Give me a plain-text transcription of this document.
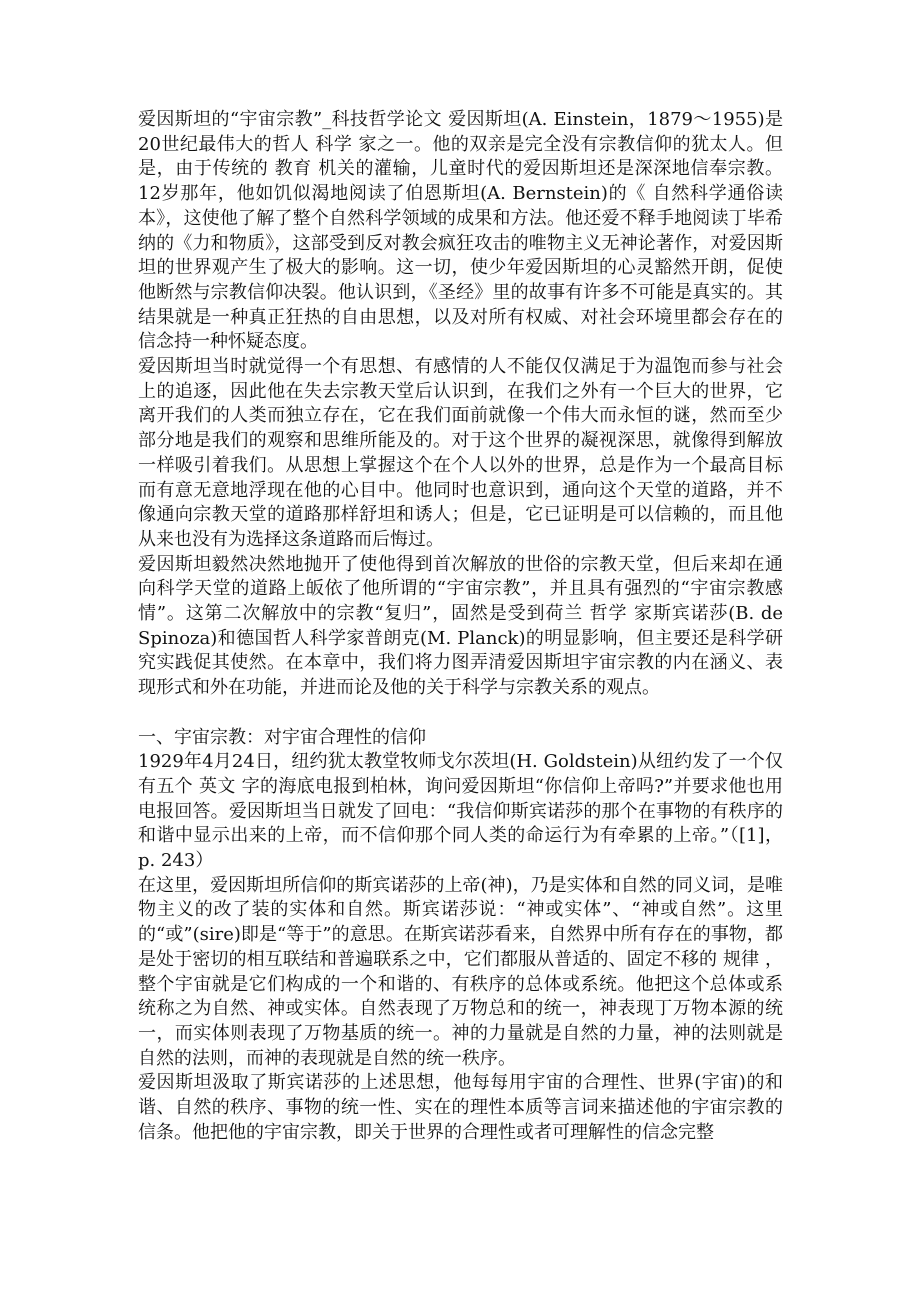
爱因斯坦的“宇宙宗教”_科技哲学论文 爱因斯坦(A. Einstein，1879～1955)是20世纪最伟大的哲人 科学 家之一。他的双亲是完全没有宗教信仰的犹太人。但是，由于传统的 教育 机关的灌输，儿童时代的爱因斯坦还是深深地信奉宗教。12岁那年，他如饥似渴地阅读了伯恩斯坦(A. Bernstein)的《 自然科学通俗读本》，这使他了解了整个自然科学领域的成果和方法。他还爱不释手地阅读丁毕希纳的《力和物质》，这部受到反对教会疯狂攻击的唯物主义无神论著作，对爱因斯坦的世界观产生了极大的影响。这一切，使少年爱因斯坦的心灵豁然开朗，促使他断然与宗教信仰决裂。他认识到，《圣经》里的故事有许多不可能是真实的。其结果就是一种真正狂热的自由思想，以及对所有权威、对社会环境里都会存在的信念持一种怀疑态度。

爱因斯坦当时就觉得一个有思想、有感情的人不能仅仅满足于为温饱而参与社会上的追逐，因此他在失去宗教天堂后认识到，在我们之外有一个巨大的世界，它离开我们的人类而独立存在，它在我们面前就像一个伟大而永恒的谜，然而至少部分地是我们的观察和思维所能及的。对于这个世界的凝视深思，就像得到解放一样吸引着我们。从思想上掌握这个在个人以外的世界，总是作为一个最高目标而有意无意地浮现在他的心目中。他同时也意识到，通向这个天堂的道路，并不像通向宗教天堂的道路那样舒坦和诱人；但是，它已证明是可以信赖的，而且他从来也没有为选择这条道路而后悔过。

爱因斯坦毅然决然地抛开了使他得到首次解放的世俗的宗教天堂，但后来却在通向科学天堂的道路上皈依了他所谓的“宇宙宗教”，并且具有强烈的“宇宙宗教感情”。这第二次解放中的宗教“复归”，固然是受到荷兰 哲学 家斯宾诺莎(B. de Spinoza)和德国哲人科学家普朗克(M. Planck)的明显影响，但主要还是科学研究实践促其使然。在本章中，我们将力图弄清爱因斯坦宇宙宗教的内在涵义、表现形式和外在功能，并进而论及他的关于科学与宗教关系的观点。

一、宇宙宗教：对宇宙合理性的信仰

1929年4月24日，纽约犹太教堂牧师戈尔茨坦(H. Goldstein)从纽约发了一个仅有五个 英文 字的海底电报到柏林，询问爱因斯坦“你信仰上帝吗?”并要求他也用电报回答。爱因斯坦当日就发了回电：“我信仰斯宾诺莎的那个在事物的有秩序的和谐中显示出来的上帝，而不信仰那个同人类的命运行为有牵累的上帝。”（[1]，p. 243）

在这里，爱因斯坦所信仰的斯宾诺莎的上帝(神)，乃是实体和自然的同义词，是唯物主义的改了装的实体和自然。斯宾诺莎说：“神或实体”、“神或自然”。这里的“或”(sire)即是“等于”的意思。在斯宾诺莎看来，自然界中所有存在的事物，都是处于密切的相互联结和普遍联系之中，它们都服从普适的、固定不移的 规律 ，整个宇宙就是它们构成的一个和谐的、有秩序的总体或系统。他把这个总体或系统称之为自然、神或实体。自然表现了万物总和的统一，神表现丁万物本源的统一，而实体则表现了万物基质的统一。神的力量就是自然的力量，神的法则就是自然的法则，而神的表现就是自然的统一秩序。

爱因斯坦汲取了斯宾诺莎的上述思想，他每每用宇宙的合理性、世界(宇宙)的和谐、自然的秩序、事物的统一性、实在的理性本质等言词来描述他的宇宙宗教的信条。他把他的宇宙宗教，即关于世界的合理性或者可理解性的信念完整
